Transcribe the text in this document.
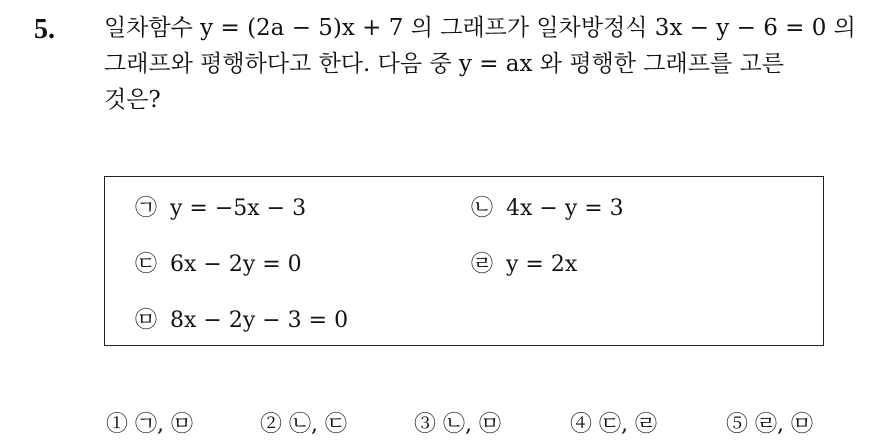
5. 일차함수 y = (2a − 5)x + 7 의 그래프가 일차방정식 3x − y − 6 = 0 의
그래프와 평행하다고 한다. 다음 중 y = ax 와 평행한 그래프를 고른
것은?
㉠ y = −5x − 3	㉡ 4x − y = 3
㉢ 6x − 2y = 0	㉣ y = 2x
㉤ 8x − 2y − 3 = 0
① ㉠, ㉤	② ㉡, ㉢	③ ㉡, ㉤	④ ㉢, ㉣	⑤ ㉣, ㉤
